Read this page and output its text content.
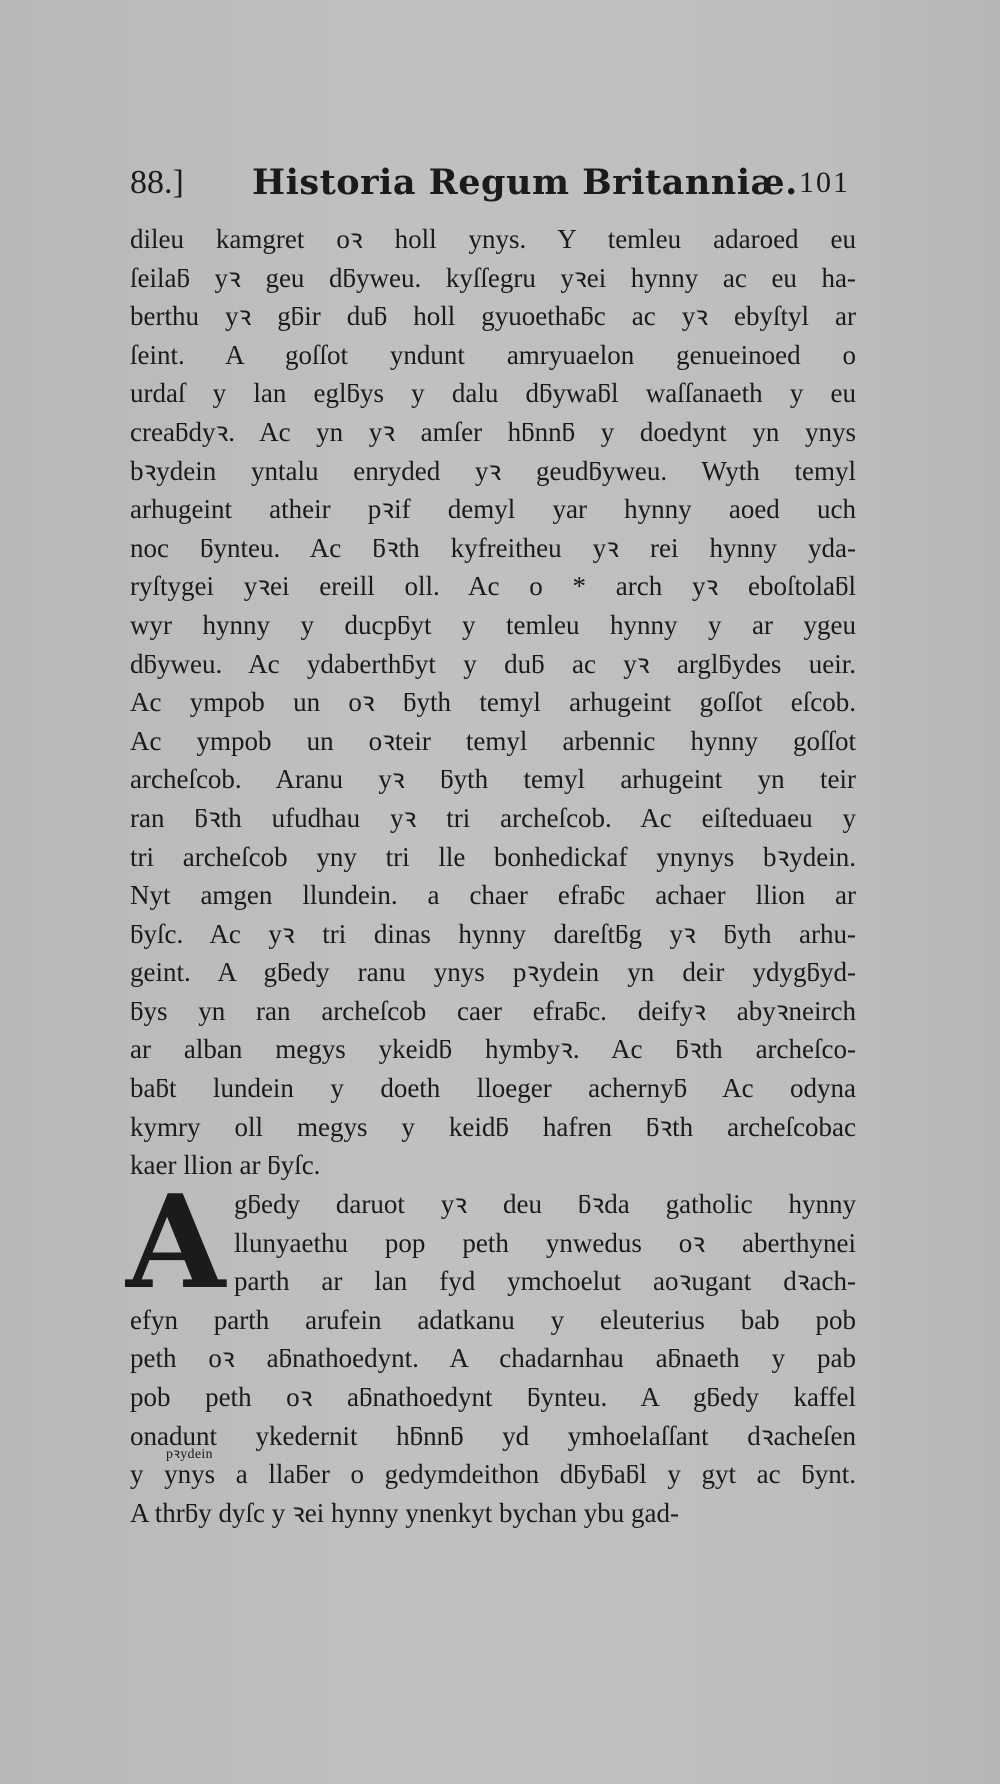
88.] Historia Regum Britanniæ. 101
dileu kamgret oꝛ holl ynys. Y temleu adaroed eu
ſeilaƃ yꝛ geu dƃyweu. kyſſegru yꝛei hynny ac eu ha-
berthu yꝛ gƃir duƃ holl gyuoethaƃc ac yꝛ ebyſtyl ar
ſeint. A goſſot yndunt amryuaelon genueinoed o
urdaſ y lan eglƃys y dalu dƃywaƃl waſſanaeth y eu
creaƃdyꝛ. Ac yn yꝛ amſer hƃnnƃ y doedynt yn ynys
bꝛydein yntalu enryded yꝛ geudƃyweu. Wyth temyl
arhugeint atheir pꝛif demyl yar hynny aoed uch
noc ƃynteu. Ac ƃꝛth kyfreitheu yꝛ rei hynny yda-
ryſtygei yꝛei ereill oll. Ac o * arch yꝛ eboſtolaƃl
wyr hynny y ducpƃyt y temleu hynny y ar ygeu
dƃyweu. Ac ydaberthƃyt y duƃ ac yꝛ arglƃydes ueir.
Ac ympob un oꝛ ƃyth temyl arhugeint goſſot eſcob.
Ac ympob un oꝛteir temyl arbennic hynny goſſot
archeſcob. Aranu yꝛ ƃyth temyl arhugeint yn teir
ran ƃꝛth ufudhau yꝛ tri archeſcob. Ac eiſteduaeu y
tri archeſcob yny tri lle bonhedickaf ynynys bꝛydein.
Nyt amgen llundein. a chaer efraƃc achaer llion ar
ƃyſc. Ac yꝛ tri dinas hynny dareſtƃg yꝛ ƃyth arhu-
geint. A gƃedy ranu ynys pꝛydein yn deir ydygƃyd-
ƃys yn ran archeſcob caer efraƃc. deifyꝛ abyꝛneirch
ar alban megys ykeidƃ hymbyꝛ. Ac ƃꝛth archeſco-
baƃt lundein y doeth lloeger achernyƃ Ac odyna
kymry oll megys y keidƃ hafren ƃꝛth archeſcobac
kaer llion ar ƃyſc.
A gƃedy daruot yꝛ deu ƃꝛda gatholic hynny
llunyaethu pop peth ynwedus oꝛ aberthynei
parth ar lan fyd ymchoelut aoꝛugant dꝛach-
efyn parth arufein adatkanu y eleuterius bab pob
peth oꝛ aƃnathoedynt. A chadarnhau aƃnaeth y pab
pob peth oꝛ aƃnathoedynt ƃynteu. A gƃedy kaffel
onadunt ykedernit hƃnnƃ yd ymhoelaſſant dꝛacheſen
y ynys a llaƃer o gedymdeithon dƃyƃaƃl y gyt ac ƃynt.
A thrƃy dyſc y ꝛei hynny ynenkyt bychan ybu gad-
pꝛydein
